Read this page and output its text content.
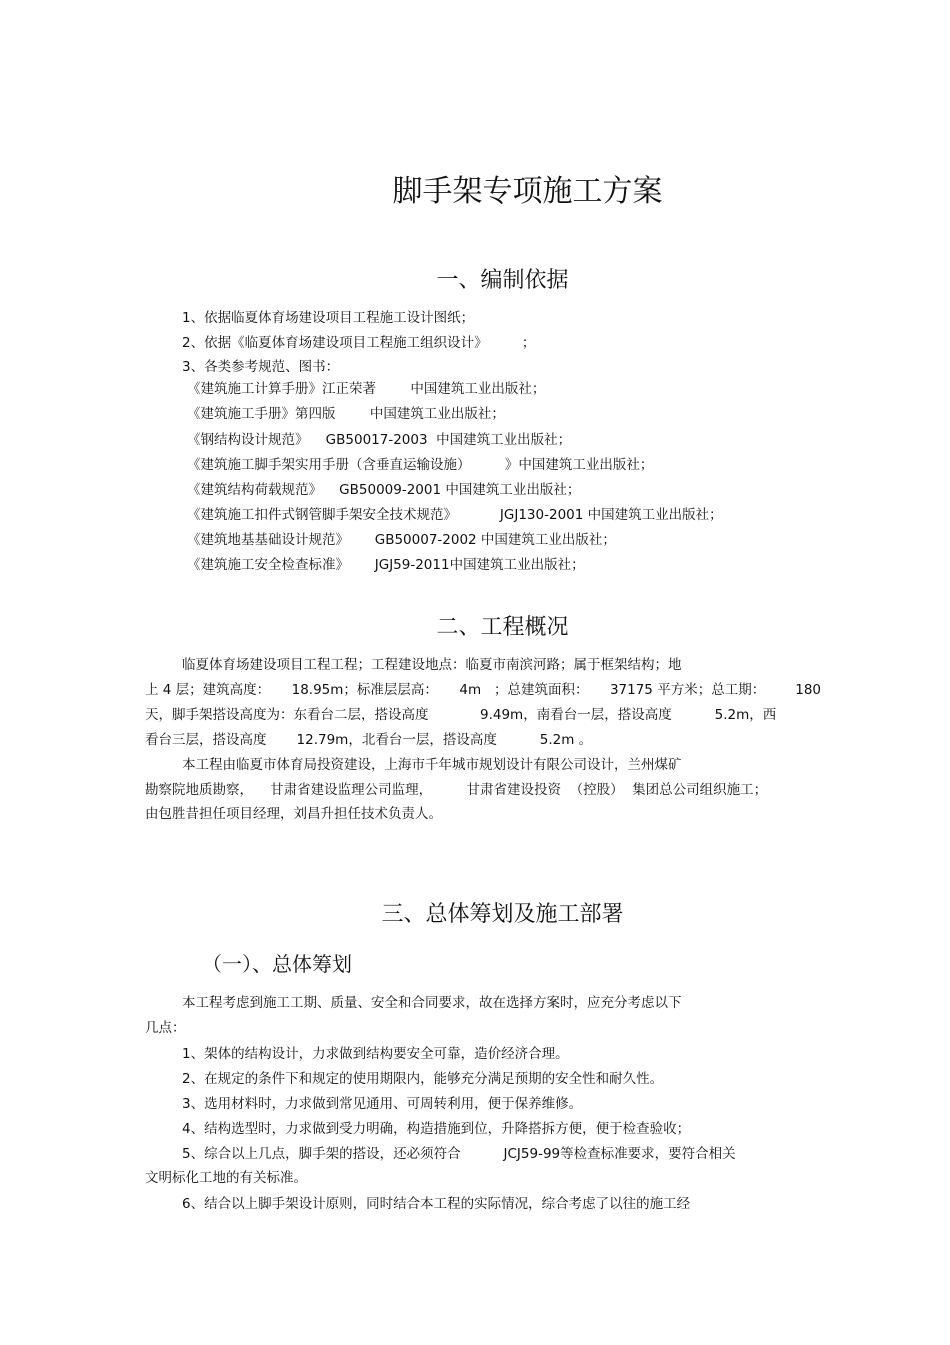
脚手架专项施工方案
一、编制依据
1、依据临夏体育场建设项目工程施工设计图纸；
2、依据《临夏体育场建设项目工程施工组织设计》        ；
3、各类参考规范、图书：
《建筑施工计算手册》江正荣著        中国建筑工业出版社；
《建筑施工手册》第四版        中国建筑工业出版社；
《钢结构设计规范》    GB50017-2003  中国建筑工业出版社；
《建筑施工脚手架实用手册（含垂直运输设施）        》中国建筑工业出版社；
《建筑结构荷载规范》    GB50009-2001 中国建筑工业出版社；
《建筑施工扣件式钢管脚手架安全技术规范》          JGJ130-2001 中国建筑工业出版社；
《建筑地基基础设计规范》      GB50007-2002 中国建筑工业出版社；
《建筑施工安全检查标准》      JGJ59-2011中国建筑工业出版社；
二、工程概况
临夏体育场建设项目工程工程；工程建设地点：临夏市南滨河路；属于框架结构；地
上 4 层；建筑高度：     18.95m；标准层层高：     4m   ；总建筑面积：     37175 平方米；总工期：       180
天，脚手架搭设高度为：东看台二层，搭设高度            9.49m，南看台一层，搭设高度          5.2m，西
看台三层，搭设高度       12.79m，北看台一层，搭设高度          5.2m 。
本工程由临夏市体育局投资建设，上海市千年城市规划设计有限公司设计，兰州煤矿
勘察院地质勘察，    甘肃省建设监理公司监理，        甘肃省建设投资  （控股）  集团总公司组织施工；
由包胜昔担任项目经理，刘昌升担任技术负责人。
三、总体筹划及施工部署
（一）、总体筹划
本工程考虑到施工工期、质量、安全和合同要求，故在选择方案时，应充分考虑以下
几点：
1、架体的结构设计，力求做到结构要安全可靠，造价经济合理。
2、在规定的条件下和规定的使用期限内，能够充分满足预期的安全性和耐久性。
3、选用材料时，力求做到常见通用、可周转利用，便于保养维修。
4、结构选型时，力求做到受力明确，构造措施到位，升降搭拆方便，便于检查验收；
5、综合以上几点，脚手架的搭设，还必须符合          JCJ59-99等检查标准要求，要符合相关
文明标化工地的有关标准。
6、结合以上脚手架设计原则，同时结合本工程的实际情况，综合考虑了以往的施工经
